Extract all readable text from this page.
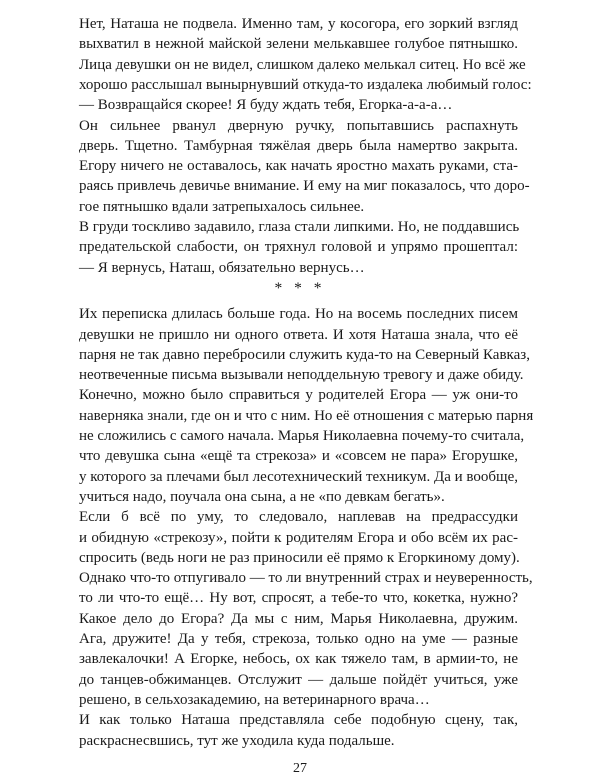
Нет, Наташа не подвела. Именно там, у косогора, его зоркий взгляд
выхватил в нежной майской зелени мелькавшее голубое пятнышко.
Лица девушки он не видел, слишком далеко мелькал ситец. Но всё же
хорошо расслышал вынырнувший откуда-то издалека любимый голос:
— Возвращайся скорее! Я буду ждать тебя, Егорка-а-а-а…
Он сильнее рванул дверную ручку, попытавшись распахнуть
дверь. Тщетно. Тамбурная тяжёлая дверь была намертво закрыта.
Егору ничего не оставалось, как начать яростно махать руками, ста-
раясь привлечь девичье внимание. И ему на миг показалось, что доро-
гое пятнышко вдали затрепыхалось сильнее.
В груди тоскливо задавило, глаза стали липкими. Но, не поддавшись
предательской слабости, он тряхнул головой и упрямо прошептал:
— Я вернусь, Наташ, обязательно вернусь…
* * *
Их переписка длилась больше года. Но на восемь последних писем
девушки не пришло ни одного ответа. И хотя Наташа знала, что её
парня не так давно перебросили служить куда-то на Северный Кавказ,
неотвеченные письма вызывали неподдельную тревогу и даже обиду.
Конечно, можно было справиться у родителей Егора — уж они-то
наверняка знали, где он и что с ним. Но её отношения с матерью парня
не сложились с самого начала. Марья Николаевна почему-то считала,
что девушка сына «ещё та стрекоза» и «совсем не пара» Егорушке,
у которого за плечами был лесотехнический техникум. Да и вообще,
учиться надо, поучала она сына, а не «по девкам бегать».
Если б всё по уму, то следовало, наплевав на предрассудки
и обидную «стрекозу», пойти к родителям Егора и обо всём их рас-
спросить (ведь ноги не раз приносили её прямо к Егоркиному дому).
Однако что-то отпугивало — то ли внутренний страх и неуверенность,
то ли что-то ещё… Ну вот, спросят, а тебе-то что, кокетка, нужно?
Какое дело до Егора? Да мы с ним, Марья Николаевна, дружим.
Ага, дружите! Да у тебя, стрекоза, только одно на уме — разные
завлекалочки! А Егорке, небось, ох как тяжело там, в армии-то, не
до танцев-обжиманцев. Отслужит — дальше пойдёт учиться, уже
решено, в сельхозакадемию, на ветеринарного врача…
И как только Наташа представляла себе подобную сцену, так,
раскраснесвшись, тут же уходила куда подальше.
27
